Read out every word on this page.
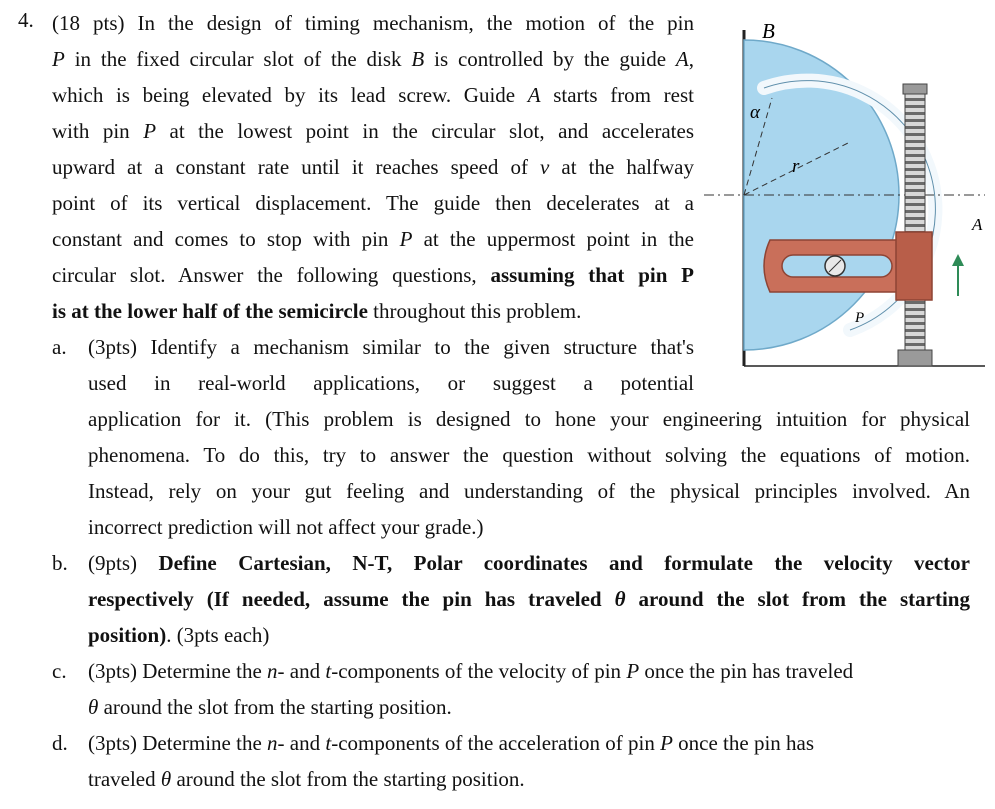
4. (18 pts) In the design of timing mechanism, the motion of the pin
P in the fixed circular slot of the disk B is controlled by the guide A,
which is being elevated by its lead screw. Guide A starts from rest
with pin P at the lowest point in the circular slot, and accelerates
upward at a constant rate until it reaches speed of v at the halfway
point of its vertical displacement. The guide then decelerates at a
constant and comes to stop with pin P at the uppermost point in the
circular slot. Answer the following questions, assuming that pin P
is at the lower half of the semicircle throughout this problem.
a. (3pts) Identify a mechanism similar to the given structure that's
used in real-world applications, or suggest a potential
application for it. (This problem is designed to hone your engineering intuition for physical
phenomena. To do this, try to answer the question without solving the equations of motion.
Instead, rely on your gut feeling and understanding of the physical principles involved. An
incorrect prediction will not affect your grade.)
b. (9pts) Define Cartesian, N-T, Polar coordinates and formulate the velocity vector
respectively (If needed, assume the pin has traveled θ around the slot from the starting
position). (3pts each)
c. (3pts) Determine the n- and t-components of the velocity of pin P once the pin has traveled
θ around the slot from the starting position.
d. (3pts) Determine the n- and t-components of the acceleration of pin P once the pin has
traveled θ around the slot from the starting position.
B
α
r
A
P
